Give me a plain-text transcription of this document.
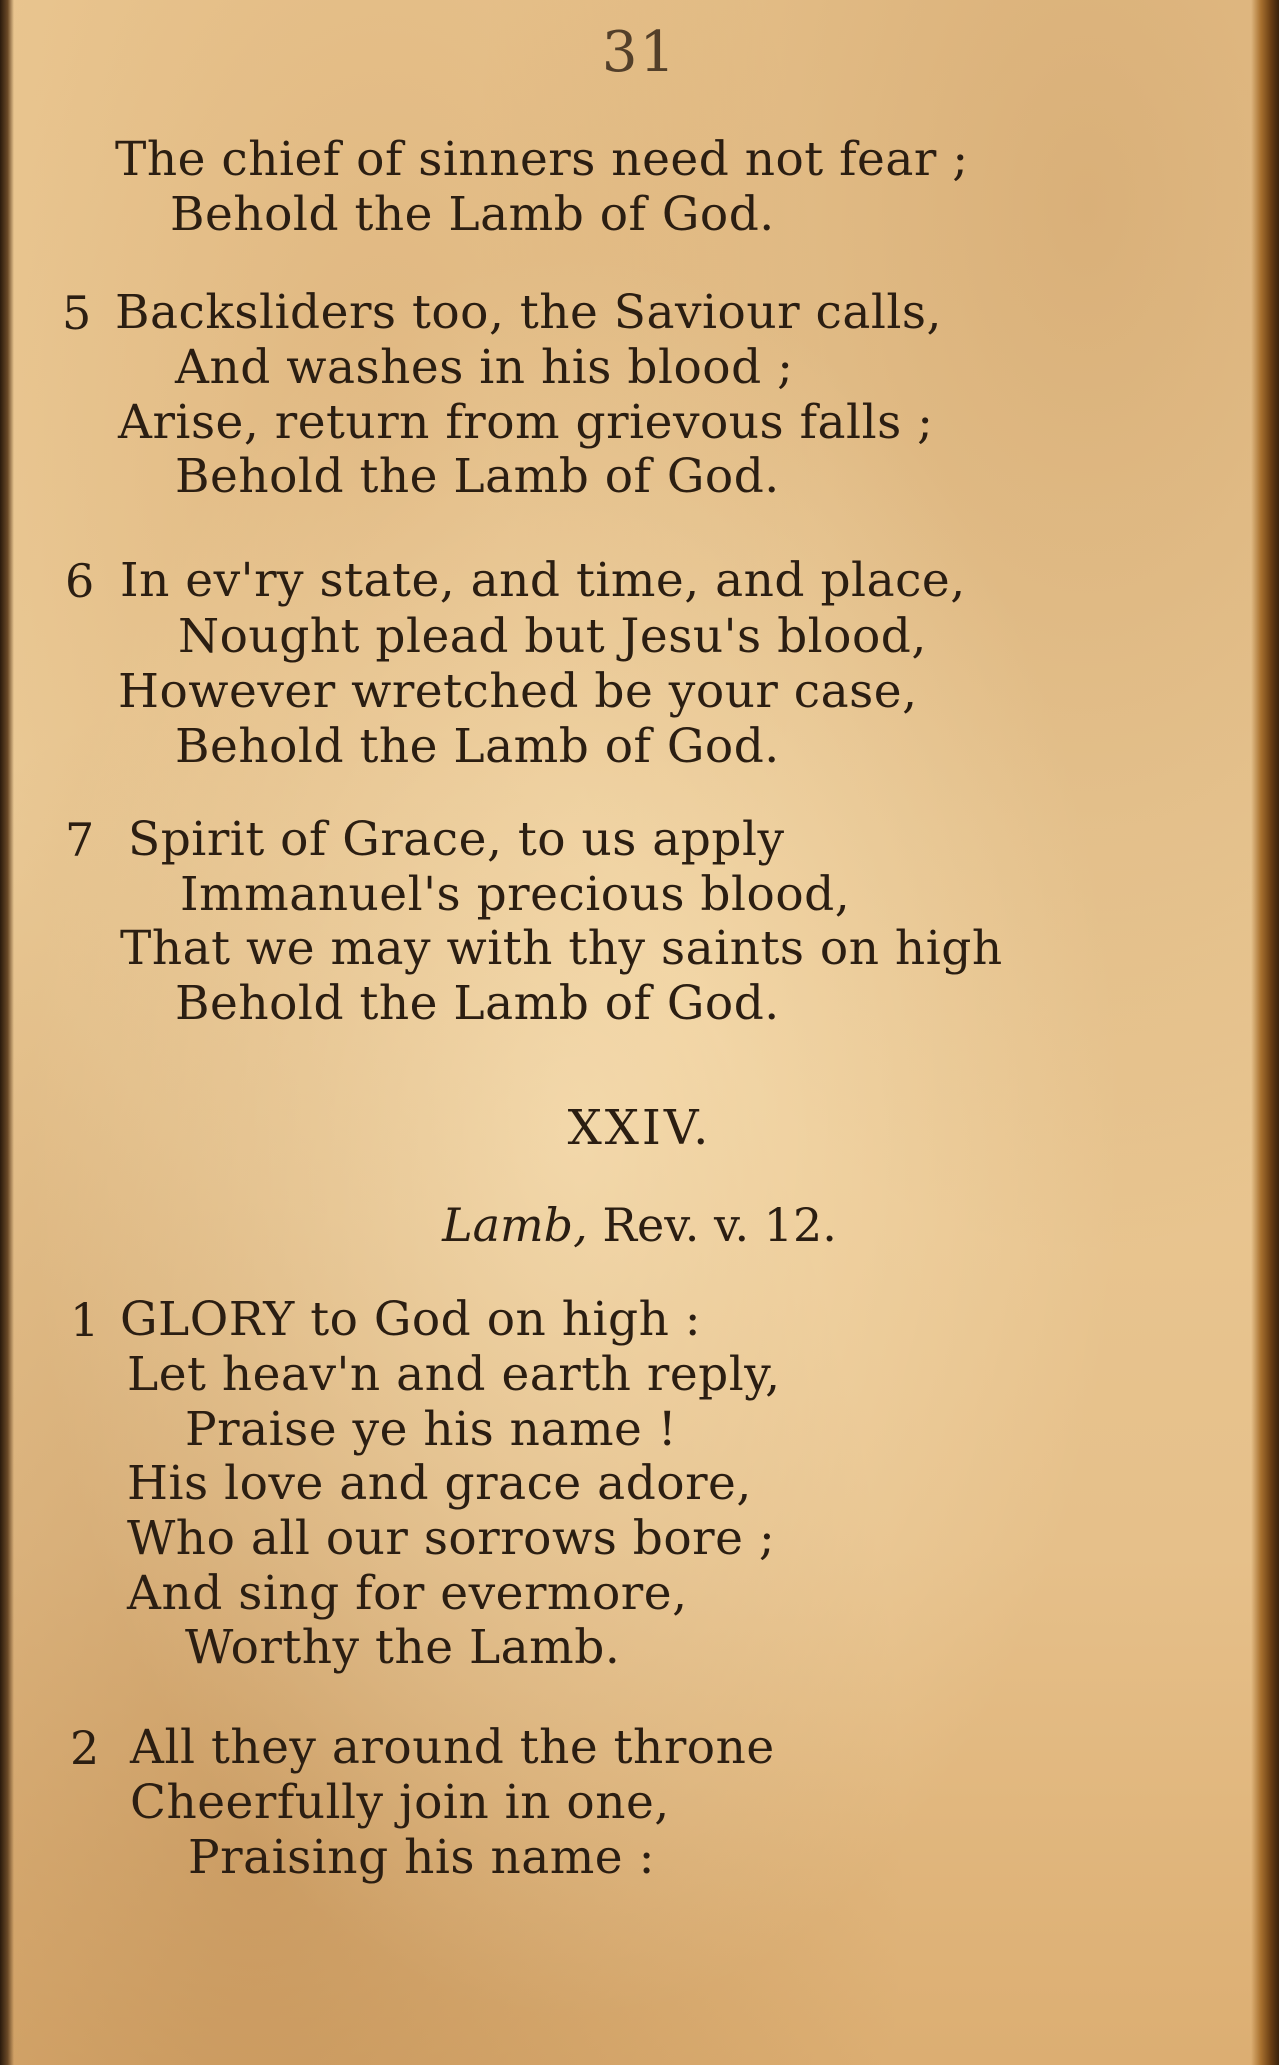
31
The chief of sinners need not fear ;
Behold the Lamb of God.
5 Backsliders too, the Saviour calls,
And washes in his blood ;
Arise, return from grievous falls ;
Behold the Lamb of God.
6 In ev'ry state, and time, and place,
Nought plead but Jesu's blood,
However wretched be your case,
Behold the Lamb of God.
7 Spirit of Grace, to us apply
Immanuel's precious blood,
That we may with thy saints on high
Behold the Lamb of God.
XXIV.
Lamb, Rev. v. 12.
1 GLORY to God on high :
Let heav'n and earth reply,
Praise ye his name !
His love and grace adore,
Who all our sorrows bore ;
And sing for evermore,
Worthy the Lamb.
2 All they around the throne
Cheerfully join in one,
Praising his name :
